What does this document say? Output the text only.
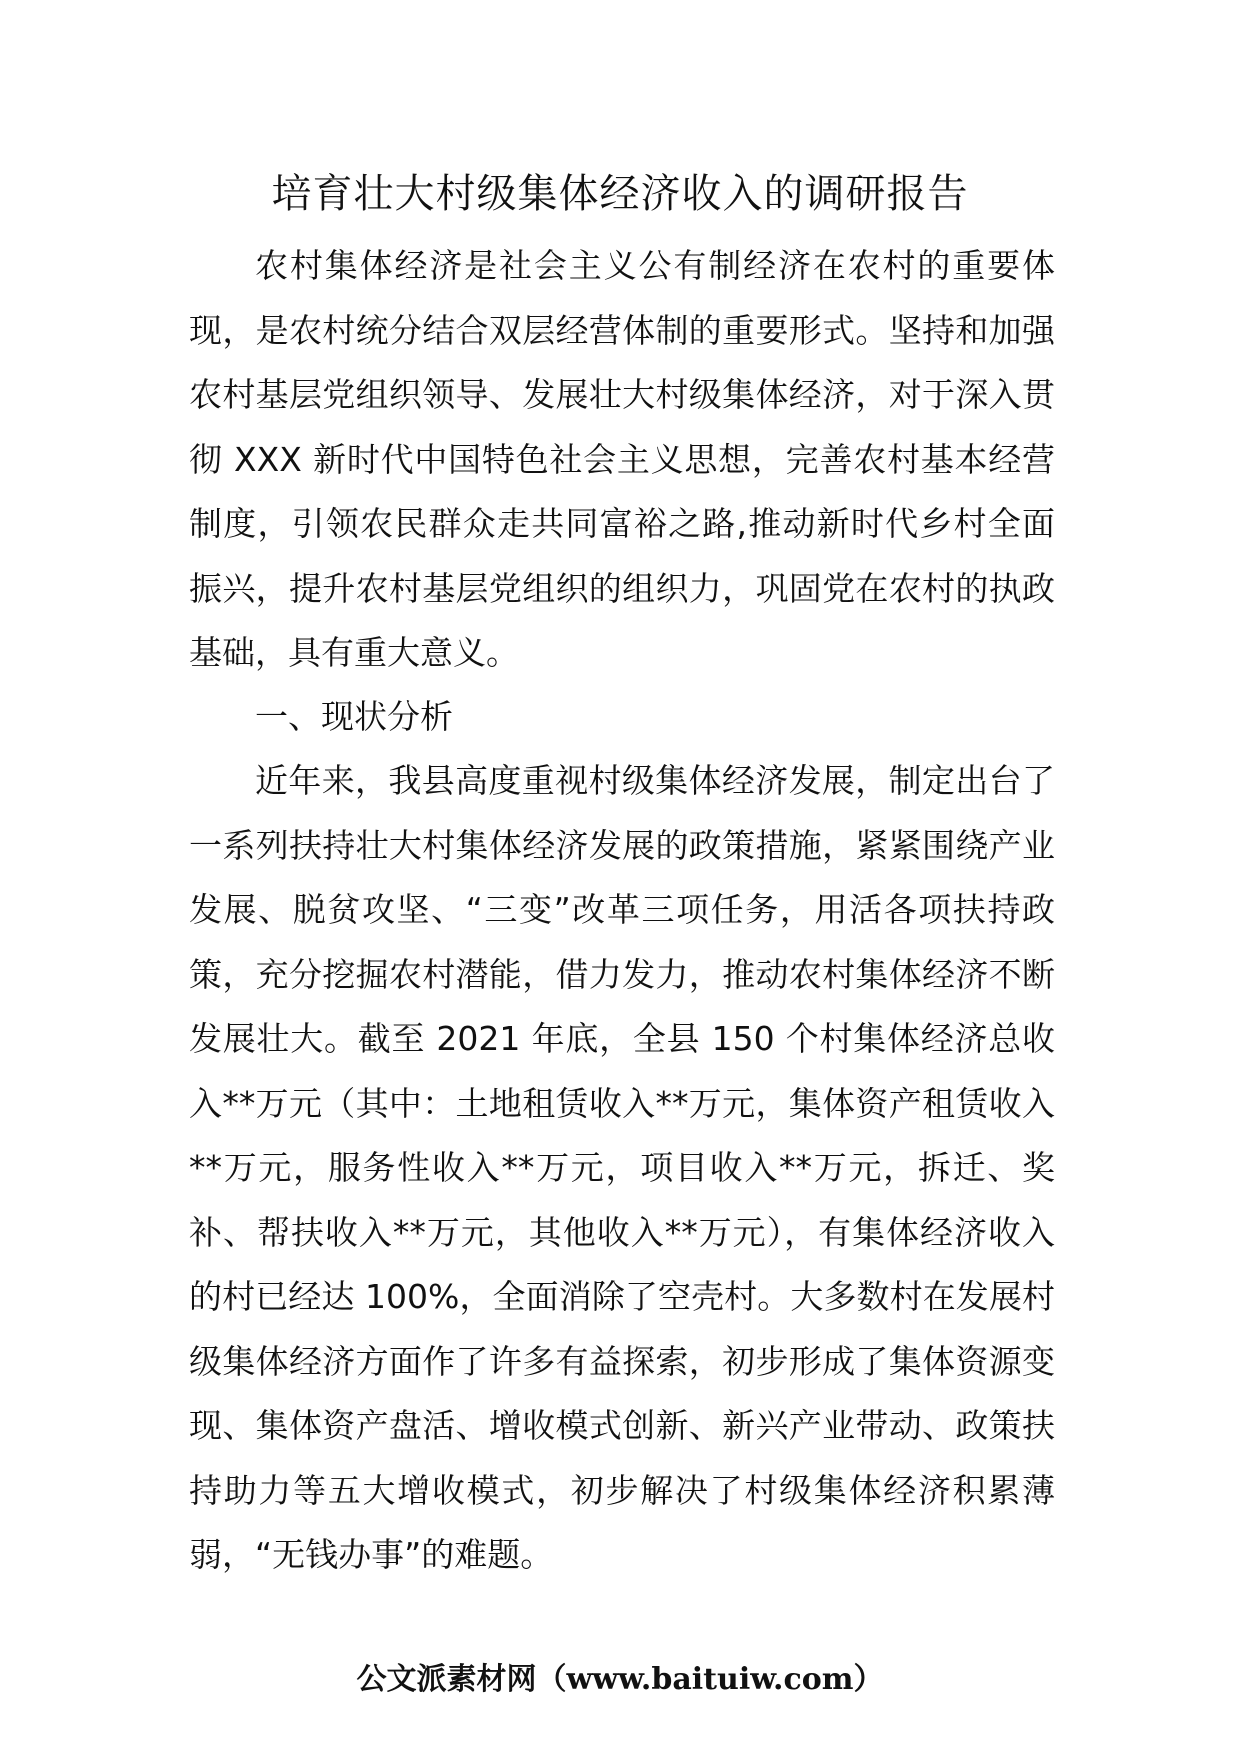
培育壮大村级集体经济收入的调研报告

农村集体经济是社会主义公有制经济在农村的重要体现，是农村统分结合双层经营体制的重要形式。坚持和加强农村基层党组织领导、发展壮大村级集体经济，对于深入贯彻 XXX 新时代中国特色社会主义思想，完善农村基本经营制度，引领农民群众走共同富裕之路,推动新时代乡村全面振兴，提升农村基层党组织的组织力，巩固党在农村的执政基础，具有重大意义。

一、现状分析

近年来，我县高度重视村级集体经济发展，制定出台了一系列扶持壮大村集体经济发展的政策措施，紧紧围绕产业发展、脱贫攻坚、“三变”改革三项任务，用活各项扶持政策，充分挖掘农村潜能，借力发力，推动农村集体经济不断发展壮大。截至 2021 年底，全县 150 个村集体经济总收入**万元（其中：土地租赁收入**万元，集体资产租赁收入**万元，服务性收入**万元，项目收入**万元，拆迁、奖补、帮扶收入**万元，其他收入**万元），有集体经济收入的村已经达 100%，全面消除了空壳村。大多数村在发展村级集体经济方面作了许多有益探索，初步形成了集体资源变现、集体资产盘活、增收模式创新、新兴产业带动、政策扶持助力等五大增收模式，初步解决了村级集体经济积累薄弱，“无钱办事”的难题。

公文派素材网（www.baituiw.com）
